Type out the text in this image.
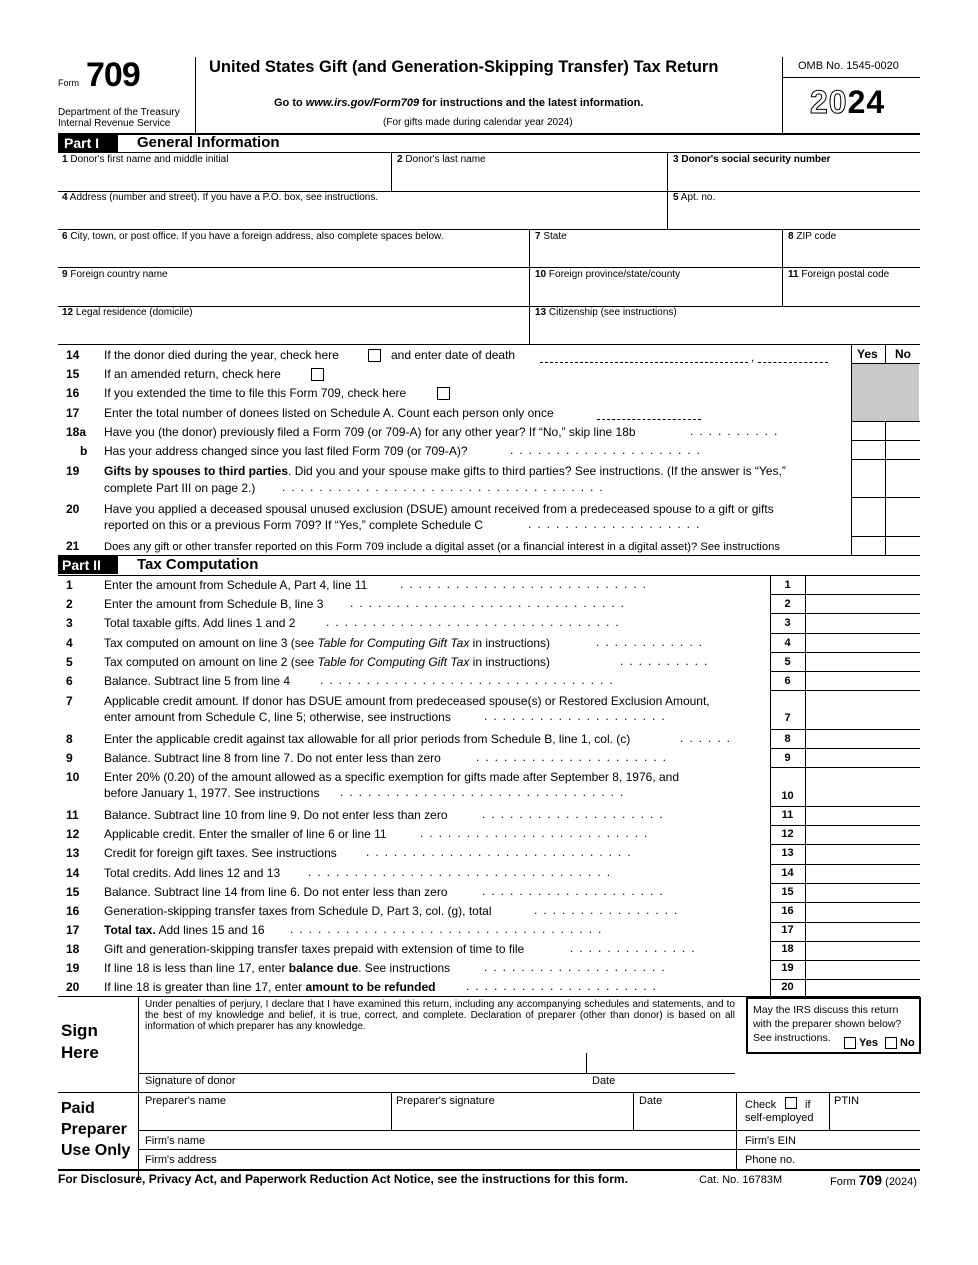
Form 709
Department of the Treasury
Internal Revenue Service
United States Gift (and Generation-Skipping Transfer) Tax Return
Go to www.irs.gov/Form709 for instructions and the latest information.
(For gifts made during calendar year 2024)
OMB No. 1545-0020
2024
Part I	General Information
1 Donor's first name and middle initial	2 Donor's last name	3 Donor's social security number
4 Address (number and street). If you have a P.O. box, see instructions.	5 Apt. no.
6 City, town, or post office. If you have a foreign address, also complete spaces below.	7 State	8 ZIP code
9 Foreign country name	10 Foreign province/state/county	11 Foreign postal code
12 Legal residence (domicile)	13 Citizenship (see instructions)
Yes No
14 If the donor died during the year, check here	and enter date of death	,
15 If an amended return, check here
16 If you extended the time to file this Form 709, check here
17 Enter the total number of donees listed on Schedule A. Count each person only once
18a Have you (the donor) previously filed a Form 709 (or 709-A) for any other year? If “No,” skip line 18b	..........
b Has your address changed since you last filed Form 709 (or 709-A)?	.....................
19 Gifts by spouses to third parties. Did you and your spouse make gifts to third parties? See instructions. (If the answer is “Yes,”
complete Part III on page 2.) ...................................
20 Have you applied a deceased spousal unused exclusion (DSUE) amount received from a predeceased spouse to a gift or gifts
reported on this or a previous Form 709? If “Yes,” complete Schedule C	...................
21 Does any gift or other transfer reported on this Form 709 include a digital asset (or a financial interest in a digital asset)? See instructions
Part II	Tax Computation
1	Enter the amount from Schedule A, Part 4, line 11	...........................	1
2	Enter the amount from Schedule B, line 3 ..............................	2
3	Total taxable gifts. Add lines 1 and 2	................................	3
4	Tax computed on amount on line 3 (see Table for Computing Gift Tax in instructions)	............	4
5	Tax computed on amount on line 2 (see Table for Computing Gift Tax in instructions)	..........	5
6	Balance. Subtract line 5 from line 4 ................................	6
7	Applicable credit amount. If donor has DSUE amount from predeceased spouse(s) or Restored Exclusion Amount,
enter amount from Schedule C, line 5; otherwise, see instructions	....................	7
8	Enter the applicable credit against tax allowable for all prior periods from Schedule B, line 1, col. (c)	......	8
9	Balance. Subtract line 8 from line 7. Do not enter less than zero	.....................	9
10 Enter 20% (0.20) of the amount allowed as a specific exemption for gifts made after September 8, 1976, and
before January 1, 1977. See instructions ...............................	10
11 Balance. Subtract line 10 from line 9. Do not enter less than zero	....................	11
12 Applicable credit. Enter the smaller of line 6 or line 11	.........................	12
13 Credit for foreign gift taxes. See instructions .............................	13
14 Total credits. Add lines 12 and 13 .................................	14
15 Balance. Subtract line 14 from line 6. Do not enter less than zero	....................	15
16 Generation-skipping transfer taxes from Schedule D, Part 3, col. (g), total	................	16
17 Total tax. Add lines 15 and 16 ..................................	17
18 Gift and generation-skipping transfer taxes prepaid with extension of time to file	..............	18
19 If line 18 is less than line 17, enter balance due. See instructions	....................	19
20 If line 18 is greater than line 17, enter amount to be refunded	.....................	20
Sign
Here
Under penalties of perjury, I declare that I have examined this return, including any accompanying schedules and statements, and to the best of my knowledge and belief, it is true, correct, and complete. Declaration of preparer (other than donor) is based on all information of which preparer has any knowledge.
May the IRS discuss this return with the preparer shown below? See instructions.	Yes No
Signature of donor	Date
Paid
Preparer
Use Only
Preparer's name	Preparer's signature	Date	Check	if
self-employed
PTIN
Firm's name	Firm's EIN
Firm's address	Phone no.
For Disclosure, Privacy Act, and Paperwork Reduction Act Notice, see the instructions for this form.	Cat. No. 16783M	Form 709 (2024)
